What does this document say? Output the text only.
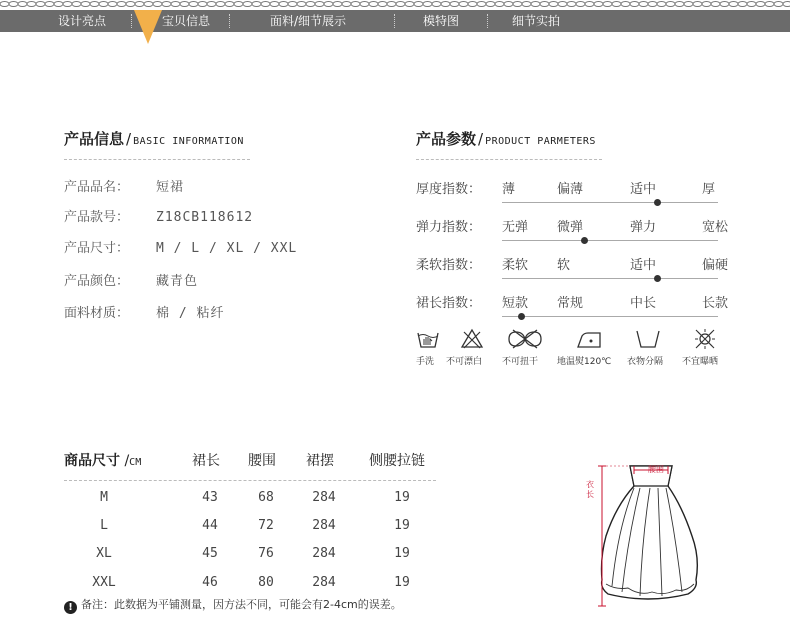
设计亮点	宝贝信息	面料/细节展示	模特图	细节实拍
产品信息 / BASIC INFORMATION
产品品名： 短裙
产品款号： Z18CB118612
产品尺寸： M / L / XL / XXL
产品颜色： 藏青色
面料材质： 棉 / 粘纤
产品参数 / PRODUCT PARMETERS
厚度指数： 薄	偏薄	适中	厚
弹力指数： 无弹 微弹	弹力	宽松
柔软指数： 柔软 软	适中	偏硬
裙长指数： 短款 常规	中长	长款
手洗 不可漂白 不可扭干 地温熨120℃ 衣物分隔 不宜曝晒
商品尺寸 /CM	裙长 腰围 裙摆	侧腰拉链
M	43	68	284	19
L	44	72	284	19
XL	45	76	284	19
XXL	46	80	284	19
! 备注：此数据为平铺测量，因方法不同，可能会有2-4cm的误差。
腰围
衣长
